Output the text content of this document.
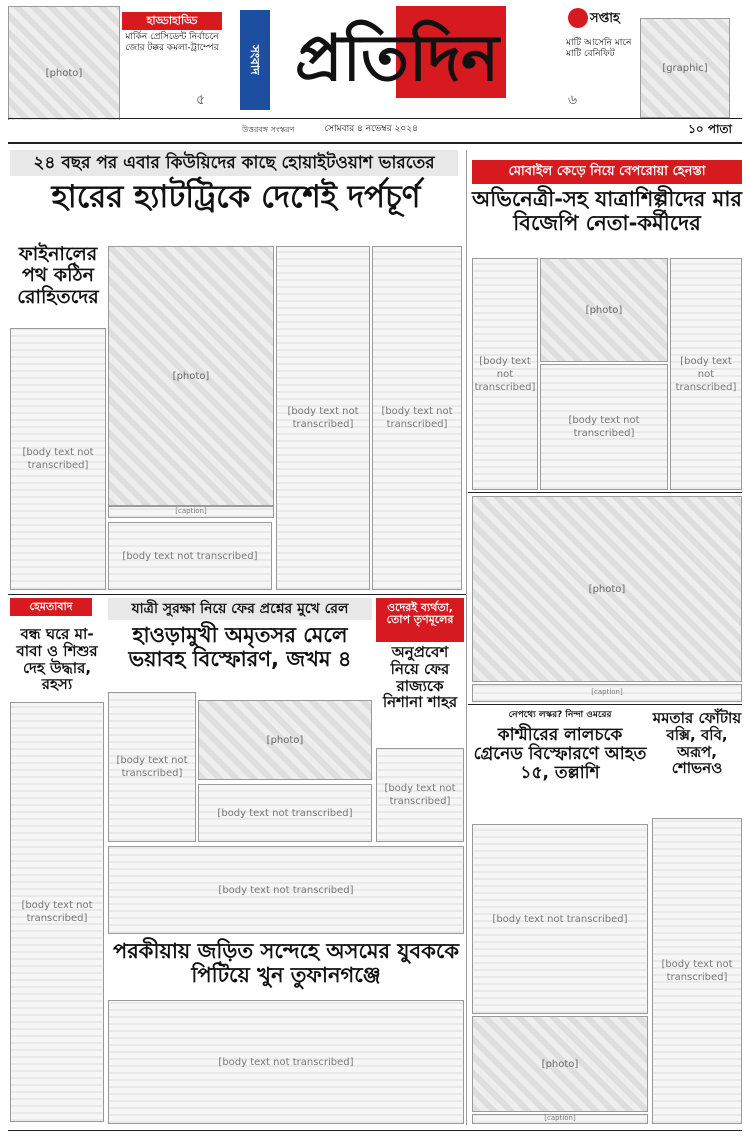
[photo]
হাড্ডাহাড্ডি
মার্কিন প্রেসিডেন্ট নির্বাচনে জোর টক্কর কমলা-ট্রাম্পের
৫
সংবাদ প্রতিদিন
সপ্তাহ
মাটি আসেনি মানে মাটি বেনিফিট
৬
[graphic]
উত্তরবঙ্গ সংস্করণ	সোমবার ৪ নভেম্বর ২০২৪	১০ পাতা
২৪ বছর পর এবার কিউয়িদের কাছে হোয়াইটওয়াশ ভারতের
হারের হ্যাটট্রিকে দেশেই দর্পচূর্ণ
ফাইনালের পথ কঠিন রোহিতদের
[body text not transcribed]
[photo]
[caption]
[body text not transcribed]
[body text not transcribed]
[body text not transcribed]
মোবাইল কেড়ে নিয়ে বেপরোয়া হেনস্তা
অভিনেত্রী-সহ যাত্রাশিল্পীদের মার বিজেপি নেতা-কর্মীদের
[body text not transcribed]
[photo]
[body text not transcribed]
[body text not transcribed]
[photo]
[caption]
হেমতাবাদ
বন্ধ ঘরে মা-বাবা ও শিশুর দেহ উদ্ধার, রহস্য
[body text not transcribed]
যাত্রী সুরক্ষা নিয়ে ফের প্রশ্নের মুখে রেল
হাওড়ামুখী অমৃতসর মেলে ভয়াবহ বিস্ফোরণ, জখম ৪
[body text not transcribed]
[photo]
[body text not transcribed]
ওদেরই ব্যর্থতা, তোপ তৃণমূলের
অনুপ্রবেশ নিয়ে ফের রাজ্যকে নিশানা শাহর
[body text not transcribed]
নেপথ্যে লস্কর? নিন্দা ওমরের
কাশ্মীরের লালচকে গ্রেনেড বিস্ফোরণে আহত ১৫, তল্লাশি
[body text not transcribed]
[photo]
[caption]
মমতার ফোঁটায় বক্সি, ববি, অরূপ, শোভনও
[body text not transcribed]
[body text not transcribed]
পরকীয়ায় জড়িত সন্দেহে অসমের যুবককে পিটিয়ে খুন তুফানগঞ্জে
[body text not transcribed]
